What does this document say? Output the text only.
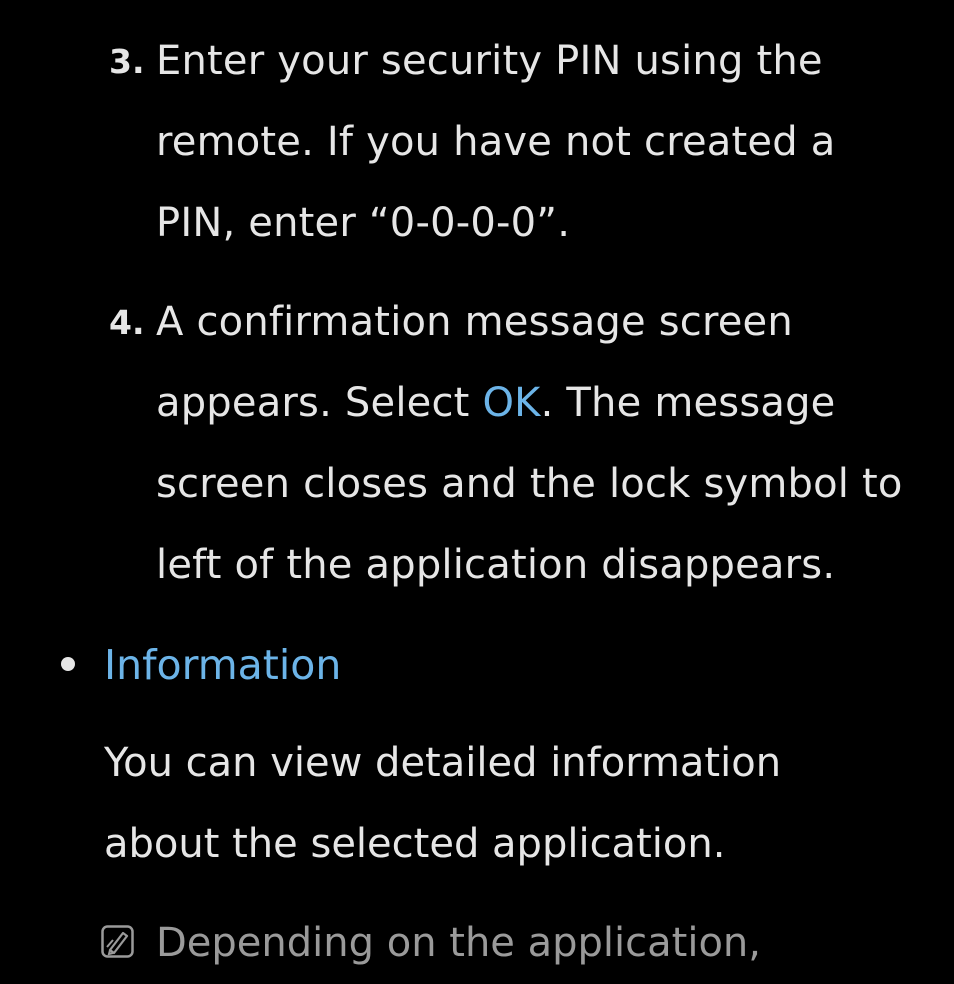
3. Enter your security PIN using the
remote. If you have not created a
PIN, enter “0-0-0-0”.
4. A confirmation message screen
appears. Select OK. The message
screen closes and the lock symbol to
left of the application disappears.
Information
You can view detailed information
about the selected application.
Depending on the application,
